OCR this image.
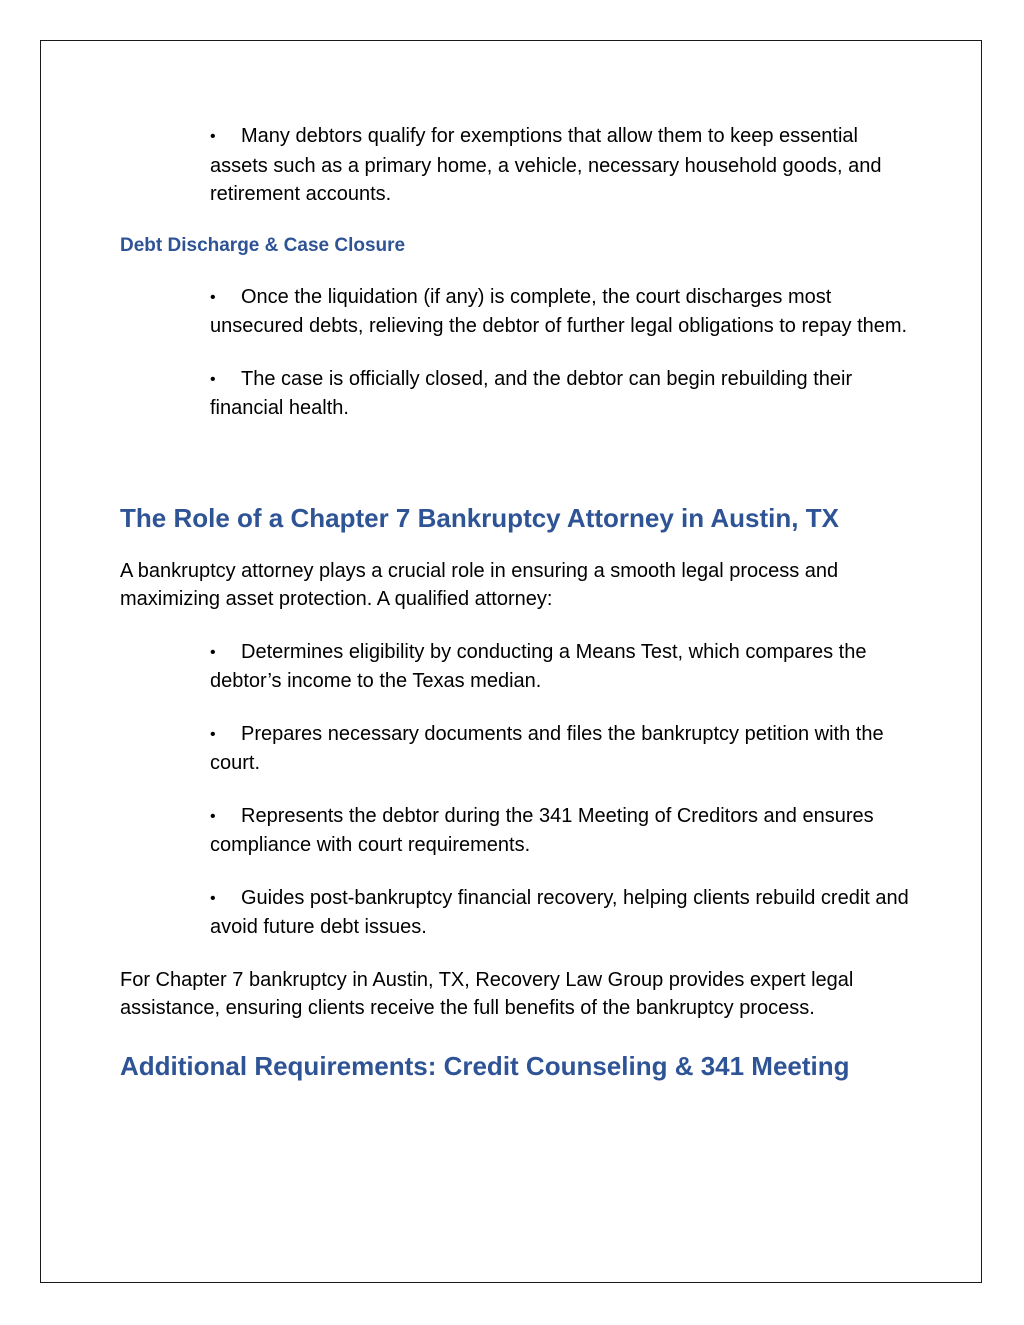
• Many debtors qualify for exemptions that allow them to keep essential assets such as a primary home, a vehicle, necessary household goods, and retirement accounts.
Debt Discharge & Case Closure
• Once the liquidation (if any) is complete, the court discharges most unsecured debts, relieving the debtor of further legal obligations to repay them.
• The case is officially closed, and the debtor can begin rebuilding their financial health.
The Role of a Chapter 7 Bankruptcy Attorney in Austin, TX
A bankruptcy attorney plays a crucial role in ensuring a smooth legal process and maximizing asset protection. A qualified attorney:
• Determines eligibility by conducting a Means Test, which compares the debtor’s income to the Texas median.
• Prepares necessary documents and files the bankruptcy petition with the court.
• Represents the debtor during the 341 Meeting of Creditors and ensures compliance with court requirements.
• Guides post-bankruptcy financial recovery, helping clients rebuild credit and avoid future debt issues.
For Chapter 7 bankruptcy in Austin, TX, Recovery Law Group provides expert legal assistance, ensuring clients receive the full benefits of the bankruptcy process.
Additional Requirements: Credit Counseling & 341 Meeting
